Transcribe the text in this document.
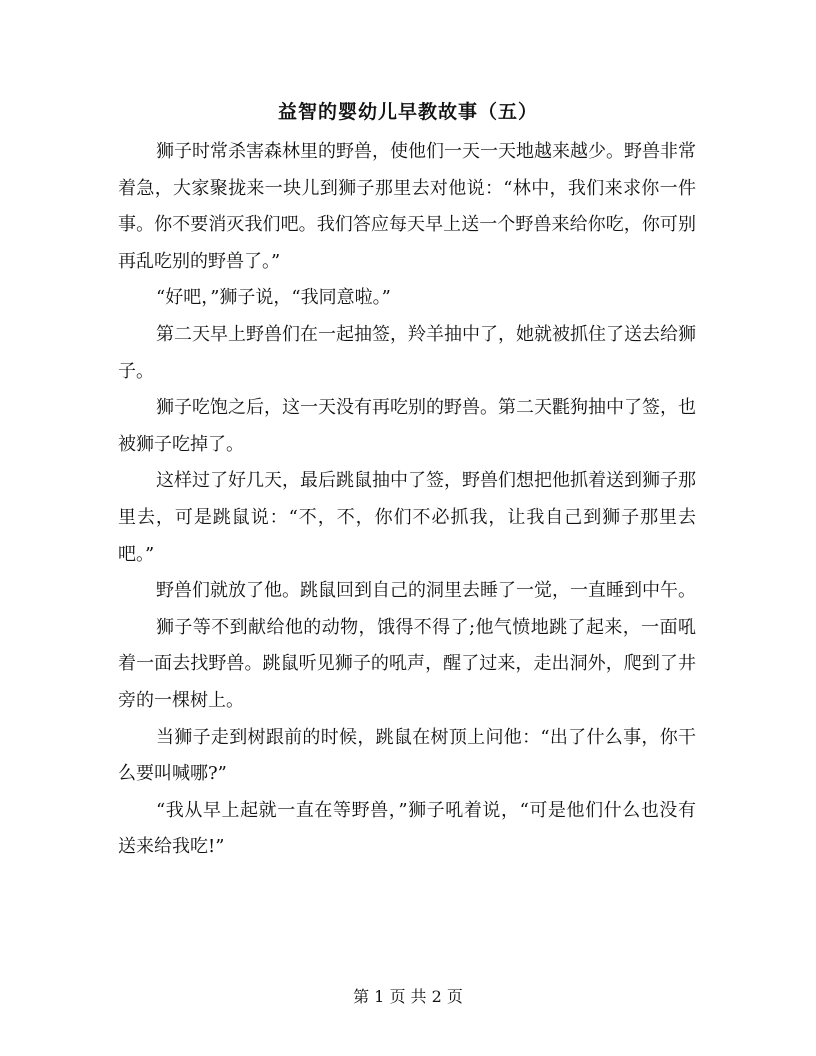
益智的婴幼儿早教故事（五）

狮子时常杀害森林里的野兽，使他们一天一天地越来越少。野兽非常着急，大家聚拢来一块儿到狮子那里去对他说：“林中，我们来求你一件事。你不要消灭我们吧。我们答应每天早上送一个野兽来给你吃，你可别再乱吃别的野兽了。”

“好吧，”狮子说，“我同意啦。”

第二天早上野兽们在一起抽签，羚羊抽中了，她就被抓住了送去给狮子。

狮子吃饱之后，这一天没有再吃别的野兽。第二天氍狗抽中了签，也被狮子吃掉了。

这样过了好几天，最后跳鼠抽中了签，野兽们想把他抓着送到狮子那里去，可是跳鼠说：“不，不，你们不必抓我，让我自己到狮子那里去吧。”

野兽们就放了他。跳鼠回到自己的洞里去睡了一觉，一直睡到中午。

狮子等不到献给他的动物，饿得不得了;他气愤地跳了起来，一面吼着一面去找野兽。跳鼠听见狮子的吼声，醒了过来，走出洞外，爬到了井旁的一棵树上。

当狮子走到树跟前的时候，跳鼠在树顶上问他：“出了什么事，你干么要叫喊哪?”

“我从早上起就一直在等野兽，”狮子吼着说，“可是他们什么也没有送来给我吃!”

第 1 页 共 2 页
